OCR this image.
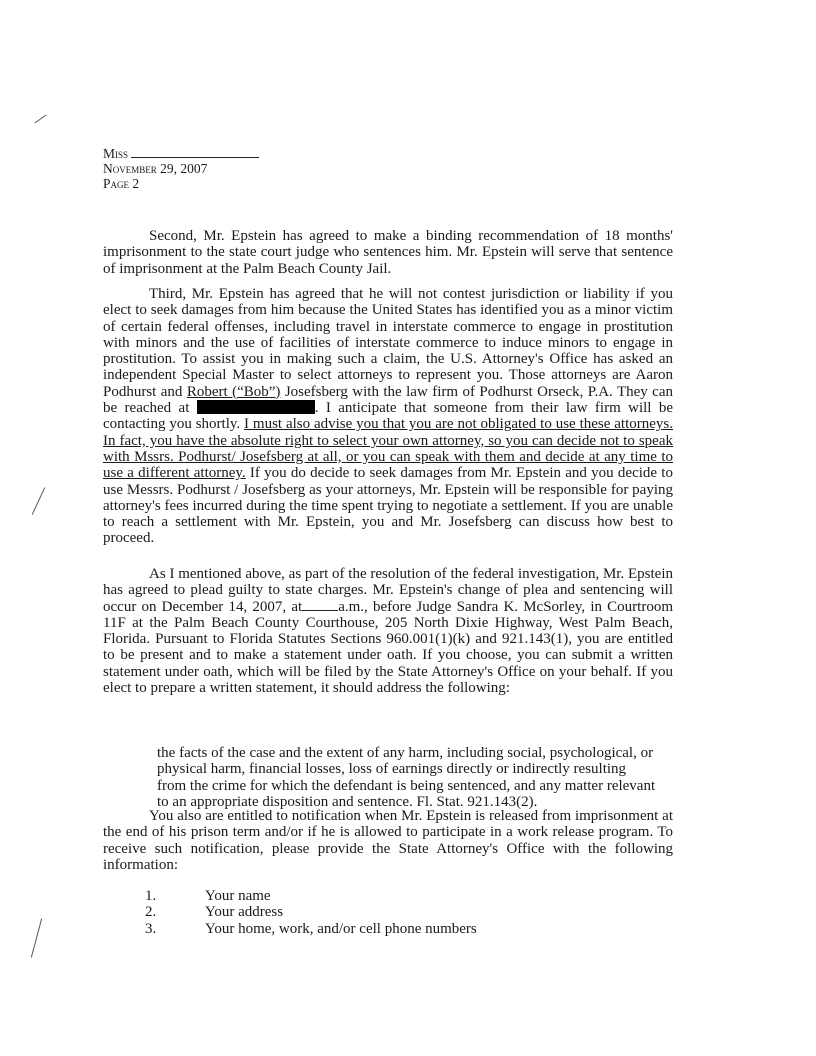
Miss
November 29, 2007
Page 2

Second, Mr. Epstein has agreed to make a binding recommendation of 18 months' imprisonment to the state court judge who sentences him. Mr. Epstein will serve that sentence of imprisonment at the Palm Beach County Jail.

Third, Mr. Epstein has agreed that he will not contest jurisdiction or liability if you elect to seek damages from him because the United States has identified you as a minor victim of certain federal offenses, including travel in interstate commerce to engage in prostitution with minors and the use of facilities of interstate commerce to induce minors to engage in prostitution. To assist you in making such a claim, the U.S. Attorney's Office has asked an independent Special Master to select attorneys to represent you. Those attorneys are Aaron Podhurst and Robert (“Bob”) Josefsberg with the law firm of Podhurst Orseck, P.A. They can be reached at	. I anticipate that someone from their law firm will be contacting you shortly. I must also advise you that you are not obligated to use these attorneys. In fact, you have the absolute right to select your own attorney, so you can decide not to speak with Mssrs. Podhurst/ Josefsberg at all, or you can speak with them and decide at any time to use a different attorney. If you do decide to seek damages from Mr. Epstein and you decide to use Messrs. Podhurst / Josefsberg as your attorneys, Mr. Epstein will be responsible for paying attorney's fees incurred during the time spent trying to negotiate a settlement. If you are unable to reach a settlement with Mr. Epstein, you and Mr. Josefsberg can discuss how best to proceed.

As I mentioned above, as part of the resolution of the federal investigation, Mr. Epstein has agreed to plead guilty to state charges. Mr. Epstein's change of plea and sentencing will occur on December 14, 2007, at a.m., before Judge Sandra K. McSorley, in Courtroom 11F at the Palm Beach County Courthouse, 205 North Dixie Highway, West Palm Beach, Florida. Pursuant to Florida Statutes Sections 960.001(1)(k) and 921.143(1), you are entitled to be present and to make a statement under oath. If you choose, you can submit a written statement under oath, which will be filed by the State Attorney's Office on your behalf. If you elect to prepare a written statement, it should address the following:

the facts of the case and the extent of any harm, including social, psychological, or physical harm, financial losses, loss of earnings directly or indirectly resulting from the crime for which the defendant is being sentenced, and any matter relevant to an appropriate disposition and sentence. Fl. Stat. 921.143(2).

You also are entitled to notification when Mr. Epstein is released from imprisonment at the end of his prison term and/or if he is allowed to participate in a work release program. To receive such notification, please provide the State Attorney's Office with the following information:

1.	Your name
2.	Your address
3.	Your home, work, and/or cell phone numbers
